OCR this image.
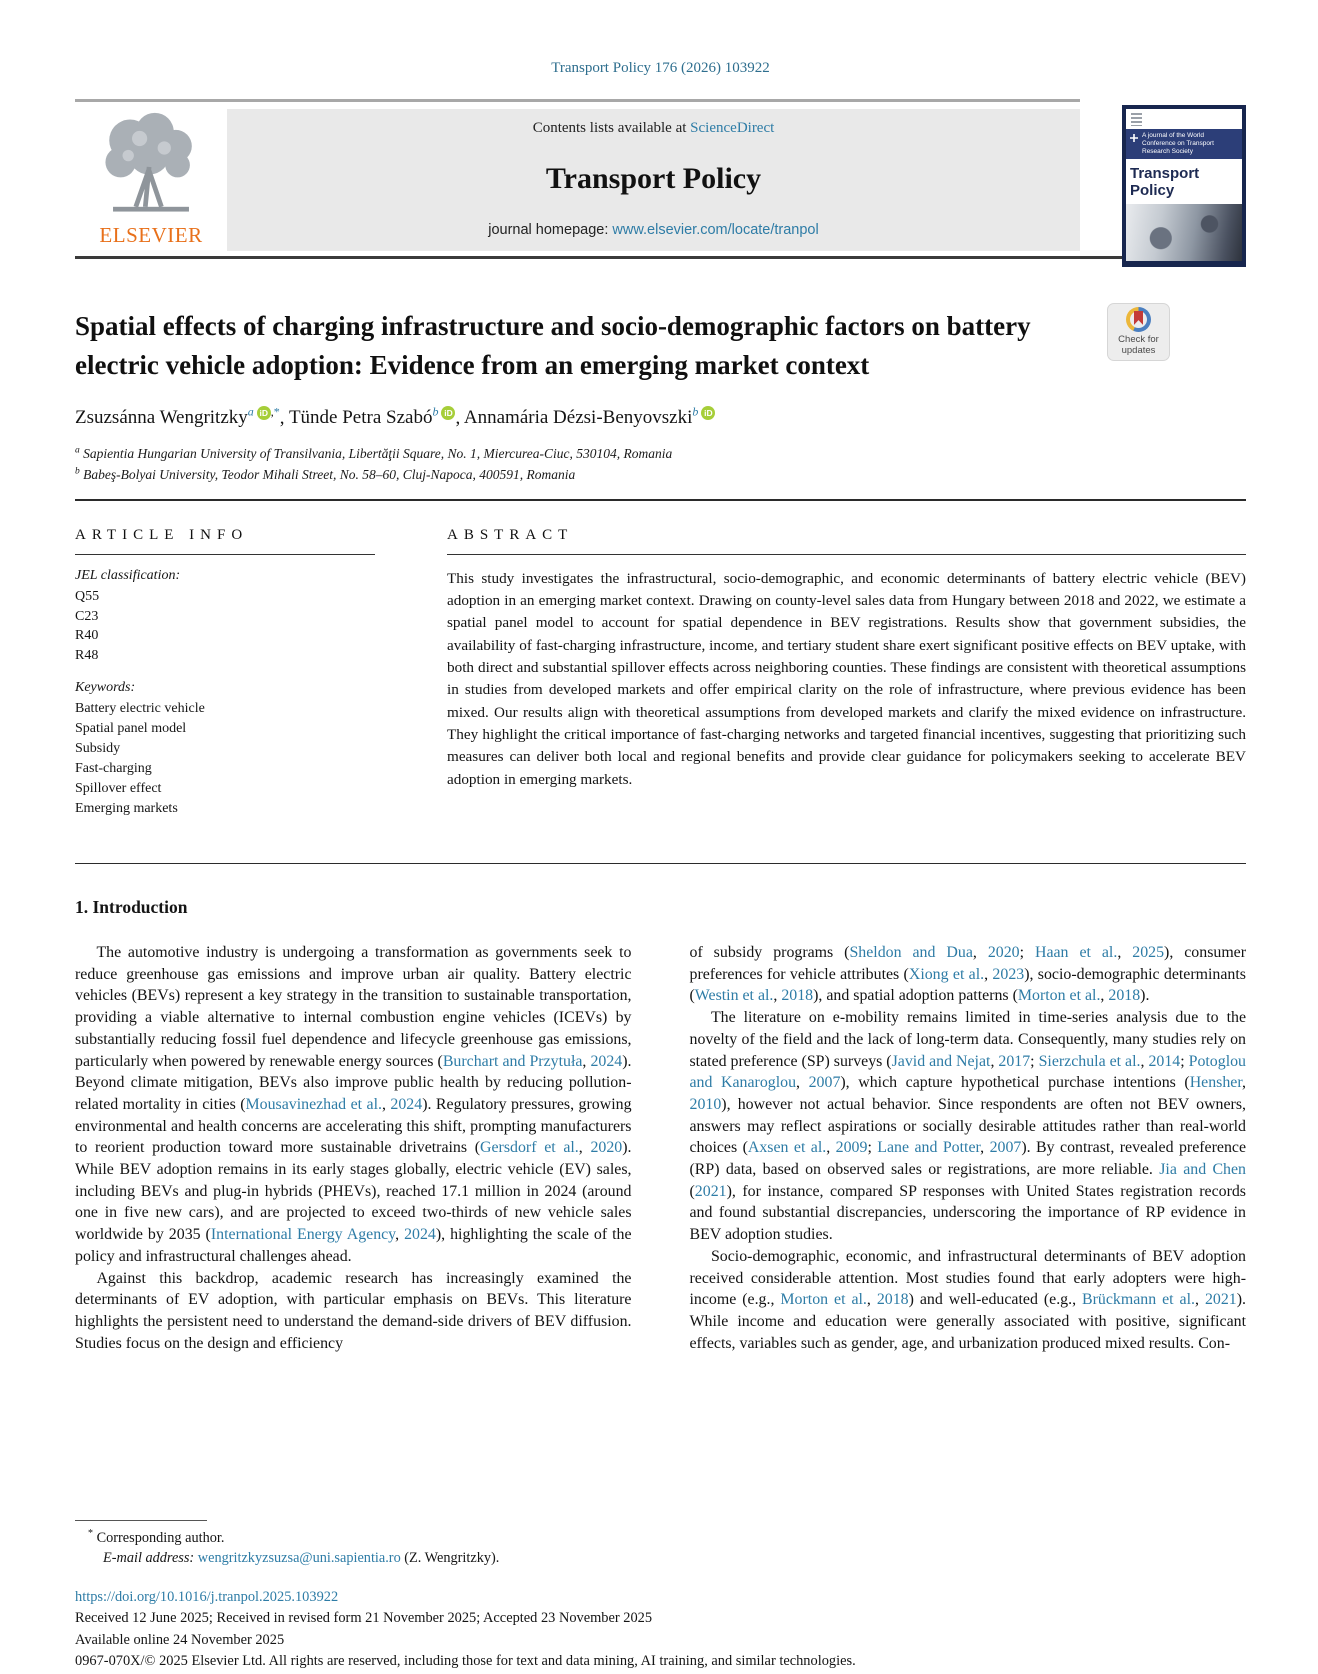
Transport Policy 176 (2026) 103922
ELSEVIER
Contents lists available at ScienceDirect
Transport Policy
journal homepage: www.elsevier.com/locate/tranpol
A journal of the World Conference on Transport Research Society
Transport Policy
Spatial effects of charging infrastructure and socio-demographic factors on battery electric vehicle adoption: Evidence from an emerging market context
Check for
updates
Zsuzsánna Wengritzky$^a$ iD ,*, Tünde Petra Szabó$^b$ iD , Annamária Dézsi-Benyovszki$^b$ iD

$^a$ Sapientia Hungarian University of Transilvania, Libertăţii Square, No. 1, Miercurea-Ciuc, 530104, Romania

$^b$ Babeş-Bolyai University, Teodor Mihali Street, No. 58–60, Cluj-Napoca, 400591, Romania

ARTICLE INFO
JEL classification:
Q55
C23
R40
R48
Keywords:
Battery electric vehicle
Spatial panel model
Subsidy
Fast-charging
Spillover effect
Emerging markets
ABSTRACT
This study investigates the infrastructural, socio-demographic, and economic determinants of battery electric vehicle (BEV) adoption in an emerging market context. Drawing on county-level sales data from Hungary between 2018 and 2022, we estimate a spatial panel model to account for spatial dependence in BEV registrations. Results show that government subsidies, the availability of fast-charging infrastructure, income, and tertiary student share exert significant positive effects on BEV uptake, with both direct and substantial spillover effects across neighboring counties. These findings are consistent with theoretical assumptions in studies from developed markets and offer empirical clarity on the role of infrastructure, where previous evidence has been mixed. Our results align with theoretical assumptions from developed markets and clarify the mixed evidence on infrastructure. They highlight the critical importance of fast-charging networks and targeted financial incentives, suggesting that prioritizing such measures can deliver both local and regional benefits and provide clear guidance for policymakers seeking to accelerate BEV adoption in emerging markets.
1. Introduction

The automotive industry is undergoing a transformation as governments seek to reduce greenhouse gas emissions and improve urban air quality. Battery electric vehicles (BEVs) represent a key strategy in the transition to sustainable transportation, providing a viable alternative to internal combustion engine vehicles (ICEVs) by substantially reducing fossil fuel dependence and lifecycle greenhouse gas emissions, particularly when powered by renewable energy sources (Burchart and Przytuła, 2024). Beyond climate mitigation, BEVs also improve public health by reducing pollution-related mortality in cities (Mousavinezhad et al., 2024). Regulatory pressures, growing environmental and health concerns are accelerating this shift, prompting manufacturers to reorient production toward more sustainable drivetrains (Gersdorf et al., 2020). While BEV adoption remains in its early stages globally, electric vehicle (EV) sales, including BEVs and plug-in hybrids (PHEVs), reached 17.1 million in 2024 (around one in five new cars), and are projected to exceed two-thirds of new vehicle sales worldwide by 2035 (International Energy Agency, 2024), highlighting the scale of the policy and infrastructural challenges ahead.

Against this backdrop, academic research has increasingly examined the determinants of EV adoption, with particular emphasis on BEVs. This literature highlights the persistent need to understand the demand-side drivers of BEV diffusion. Studies focus on the design and efficiency

of subsidy programs (Sheldon and Dua, 2020; Haan et al., 2025), consumer preferences for vehicle attributes (Xiong et al., 2023), socio-demographic determinants (Westin et al., 2018), and spatial adoption patterns (Morton et al., 2018).

The literature on e-mobility remains limited in time-series analysis due to the novelty of the field and the lack of long-term data. Consequently, many studies rely on stated preference (SP) surveys (Javid and Nejat, 2017; Sierzchula et al., 2014; Potoglou and Kanaroglou, 2007), which capture hypothetical purchase intentions (Hensher, 2010), however not actual behavior. Since respondents are often not BEV owners, answers may reflect aspirations or socially desirable attitudes rather than real-world choices (Axsen et al., 2009; Lane and Potter, 2007). By contrast, revealed preference (RP) data, based on observed sales or registrations, are more reliable. Jia and Chen (2021), for instance, compared SP responses with United States registration records and found substantial discrepancies, underscoring the importance of RP evidence in BEV adoption studies.

Socio-demographic, economic, and infrastructural determinants of BEV adoption received considerable attention. Most studies found that early adopters were high-income (e.g., Morton et al., 2018) and well-educated (e.g., Brückmann et al., 2021). While income and education were generally associated with positive, significant effects, variables such as gender, age, and urbanization produced mixed results. Con-

* Corresponding author.
E-mail address: wengritzkyzsuzsa@uni.sapientia.ro (Z. Wengritzky).
https://doi.org/10.1016/j.tranpol.2025.103922
Received 12 June 2025; Received in revised form 21 November 2025; Accepted 23 November 2025
Available online 24 November 2025
0967-070X/© 2025 Elsevier Ltd. All rights are reserved, including those for text and data mining, AI training, and similar technologies.
